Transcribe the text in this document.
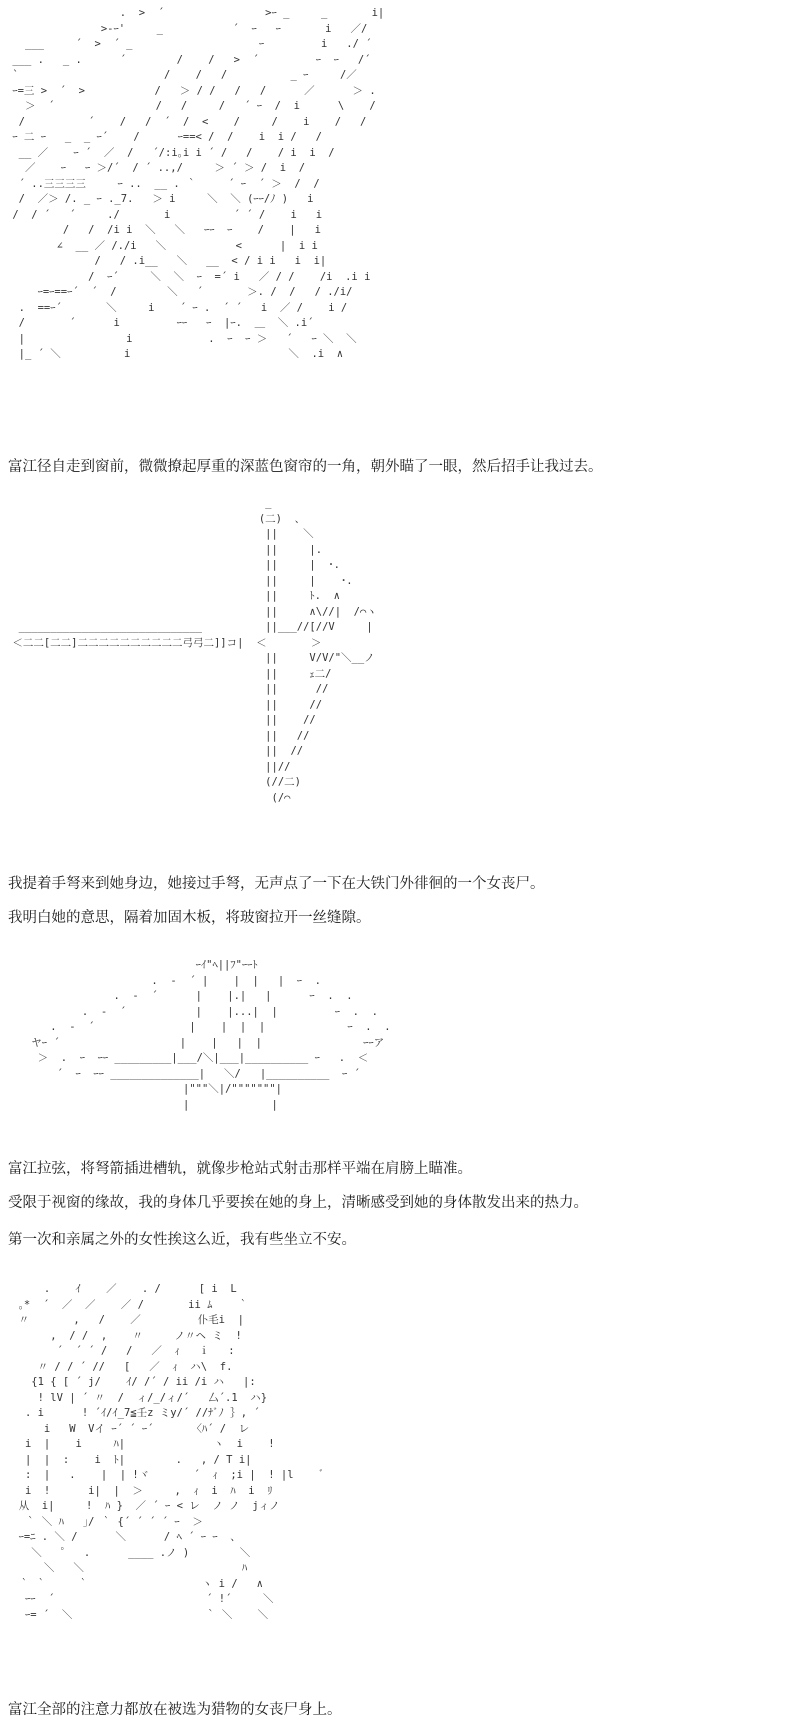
.  >  ´                >ｰ _     _       i|
>-ｰ'     _           ´  ｰ   ｰ       i   ／/
___     ´  >  ´ _                    ｰ         i   ./ ´
___ .   _ .      ´        /    /   >  ´         ｰ  ｰ   /´
`                       /    /   /          _ ｰ     /／
ｰ=三 >  ´  >           /   ＞ / /   /   /      ／      ＞ .
＞  ´                /   /     /   ´ ｰ  /  i      \    /
/          ´    /   /  ´  /  <    /     /    i    /   /
ｰ 二 ｰ   _  _ ｰ´    /      ｰ==< /  /    i  i /   /
__ ／    ｰ ´  ／  /   ´/:i｡i i ´ /   /    / i  i  /
／    ｰ   ｰ ＞/´  / ´ ..,/     ＞ ´ ＞ /  i  /
´ ..三三三三     ｰ ..  __ . ｀     ´ ｰ  ´ ＞  /  /
/  ／＞ /. _ ｰ ._7.   ＞ i     ＼  ＼ (ｰｰ/ﾉ )   i
/  / ´   ´     ./       i          ´ ´ /    i   i
/   /  /i i  ＼   ＼   ｰｰ  ｰ    /    |   i
∠  __ ／ /./i   ＼           <      |  i i
/   / .i__   ＼   __  < / i i   i  i|
/  ｰ´     ＼  ＼  ｰ  =´ i   ／ / /    /i  .i i
ｰ=ｰ==ｰ´  ´  /        ＼   ´       ＞. /  /   / ./i/
.  ==ｰ´       ＼     i    ´ ｰ .  ´ ´   i  ／ /    i /
/       ´      i         ｰｰ   ｰ  |ｰ.  ＿  ＼ .i´
|                i            .  ｰ  ｰ ＞   ´   ｰ ＼  ＼
|_ ´ ＼          i                         ＼  .i  ∧

富江径自走到窗前，微微撩起厚重的深蓝色窗帘的一角，朝外瞄了一眼，然后招手让我过去。

_
(二)  、
||    ＼
||     |.
||     |  ･.
||     |    ･.
||     ﾄ.  ∧
||     ∧\//|  /⌒ヽ
_____________________________          ||___//[//V     |
＜二二[二二]二二二二二二二二二二弓弓二]]コ|  ＜       ＞
||     V/V/"＼__ノ
||     ｪ二/
||      //
||     //
||    //
||   //
||  //
||//
(//二)
(/⌒

我提着手弩来到她身边，她接过手弩，无声点了一下在大铁门外徘徊的一个女丧尸。

我明白她的意思，隔着加固木板，将玻窗拉开一丝缝隙。

ｰｲ"ﾍ||ﾌ"ｰｰﾄ
.  -  ´ |    |  |   |  ｰ  .
.  -  ´      |    |.|   |      ｰ  .  .
.  -  ´           |    |...|  |         ｰ  .  .
.  -  ´               |    |  |  |             ｰ  .  .
ヤｰ ´                   |    |   |  |                ｰｰア
＞  .  ｰ  ｰｰ _________|___/＼|___|__________ ｰ   .  ＜
´  ｰ  ｰｰ ______________|   ＼/   |__________  ｰ ´
|"""＼|/"""""""|
|             |

富江拉弦，将弩箭插进槽轨，就像步枪站式射击那样平端在肩膀上瞄准。

受限于视窗的缘故，我的身体几乎要挨在她的身上，清晰感受到她的身体散发出来的热力。

第一次和亲属之外的女性挨这么近，我有些坐立不安。

.    ｲ    ／    . /      [ i  L
｡*  ´  ／  ／    ／ /       ii ﾑ    ｀
〃       ,   /    ／         仆毛i  |
,  / /  ,    〃     ノ〃ヘ ミ  !
´  ´ ´ /   /   ／  ｨ   ｉ   :
〃 / / ´ //   [   ／  ｨ  ハ\  f.
{1 { [ ´ j/    ｲ/ /´ / ii /i ハ   |:
! lV | ´ 〃  /  ィ/_/ィ/´   厶´.1  ハ}
. i      ! ´ｲ/ｲ_7≦壬z ミy/´ //ﾅﾞﾉ ｝, ´
i   W  Vイ ｰ´ ´ ｰ´      〈ﾊ´ /  レ
i  |    i     ﾊ|              ヽ  i    !
|  |  :    i  ﾄ|        .   , / T i|
:  |   .    |  | !ヾ       ´  ｨ  ;i |  ! |l    ゛
i  !      i|  |  ＞     ,  ｨ  i  ﾊ  i  ﾘ
从  i|     !  ﾊ }  ／ ´ ｰ < レ  ノ ノ  jィノ
｀ ＼ ﾊ   ｣/ ｀ {´ ´ ´ ´ ｰ  ＞
ｰ=ﾆ . ＼ /      ＼      / ﾍ ´ ｰ ｰ  、
＼   ゜  .      ____ .ノ )        ＼
＼   ＼                         ﾊ
｀ ｀     ｀                  ヽ i /   ∧
ｰｰ  ´                        ´ !´     ＼
ｰ= ´  ＼                     ｀ ＼    ＼

富江全部的注意力都放在被选为猎物的女丧尸身上。
